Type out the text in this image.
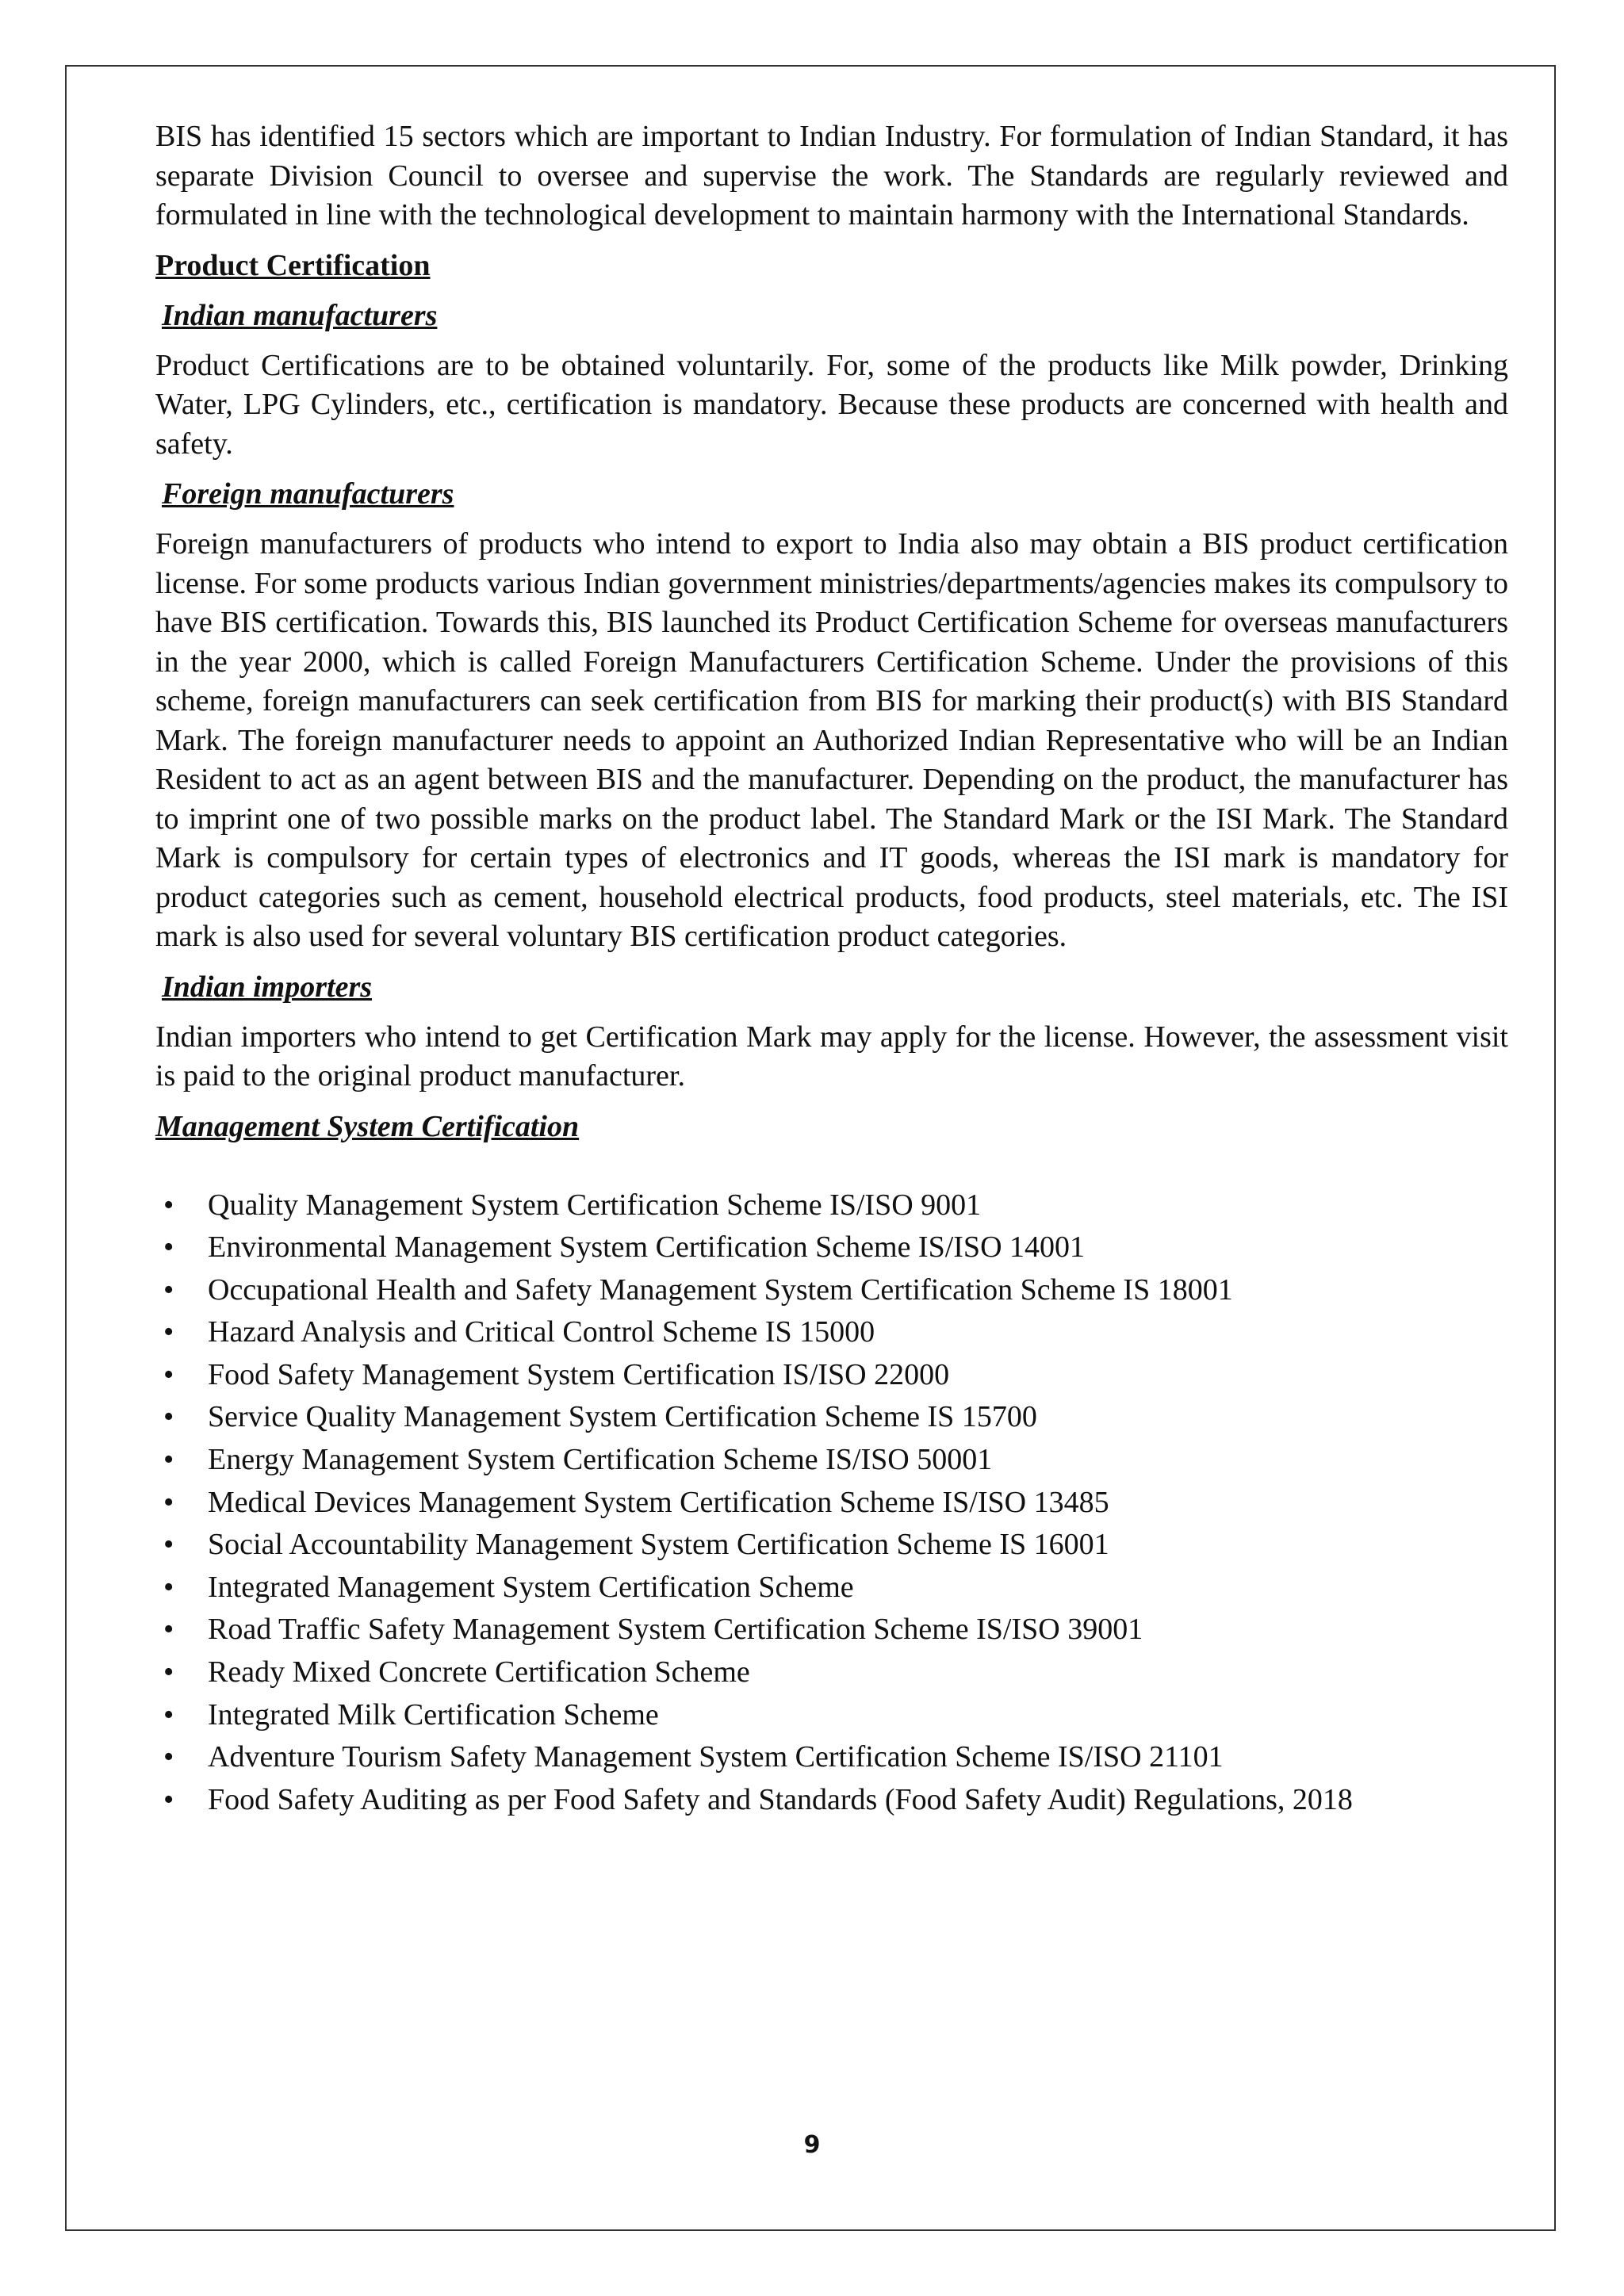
BIS has identified 15 sectors which are important to Indian Industry. For formulation of Indian Standard, it has separate Division Council to oversee and supervise the work. The Standards are regularly reviewed and formulated in line with the technological development to maintain harmony with the International Standards.

Product Certification
Indian manufacturers

Product Certifications are to be obtained voluntarily. For, some of the products like Milk powder, Drinking Water, LPG Cylinders, etc., certification is mandatory. Because these products are concerned with health and safety.

Foreign manufacturers

Foreign manufacturers of products who intend to export to India also may obtain a BIS product certification license. For some products various Indian government ministries/departments/agencies makes its compulsory to have BIS certification. Towards this, BIS launched its Product Certification Scheme for overseas manufacturers in the year 2000, which is called Foreign Manufacturers Certification Scheme. Under the provisions of this scheme, foreign manufacturers can seek certification from BIS for marking their product(s) with BIS Standard Mark. The foreign manufacturer needs to appoint an Authorized Indian Representative who will be an Indian Resident to act as an agent between BIS and the manufacturer. Depending on the product, the manufacturer has to imprint one of two possible marks on the product label. The Standard Mark or the ISI Mark. The Standard Mark is compulsory for certain types of electronics and IT goods, whereas the ISI mark is mandatory for product categories such as cement, household electrical products, food products, steel materials, etc. The ISI mark is also used for several voluntary BIS certification product categories.

Indian importers

Indian importers who intend to get Certification Mark may apply for the license. However, the assessment visit is paid to the original product manufacturer.

Management System Certification
• Quality Management System Certification Scheme IS/ISO 9001
• Environmental Management System Certification Scheme IS/ISO 14001
• Occupational Health and Safety Management System Certification Scheme IS 18001
• Hazard Analysis and Critical Control Scheme IS 15000
• Food Safety Management System Certification IS/ISO 22000
• Service Quality Management System Certification Scheme IS 15700
• Energy Management System Certification Scheme IS/ISO 50001
• Medical Devices Management System Certification Scheme IS/ISO 13485
• Social Accountability Management System Certification Scheme IS 16001
• Integrated Management System Certification Scheme
• Road Traffic Safety Management System Certification Scheme IS/ISO 39001
• Ready Mixed Concrete Certification Scheme
• Integrated Milk Certification Scheme
• Adventure Tourism Safety Management System Certification Scheme IS/ISO 21101
• Food Safety Auditing as per Food Safety and Standards (Food Safety Audit) Regulations, 2018
9
